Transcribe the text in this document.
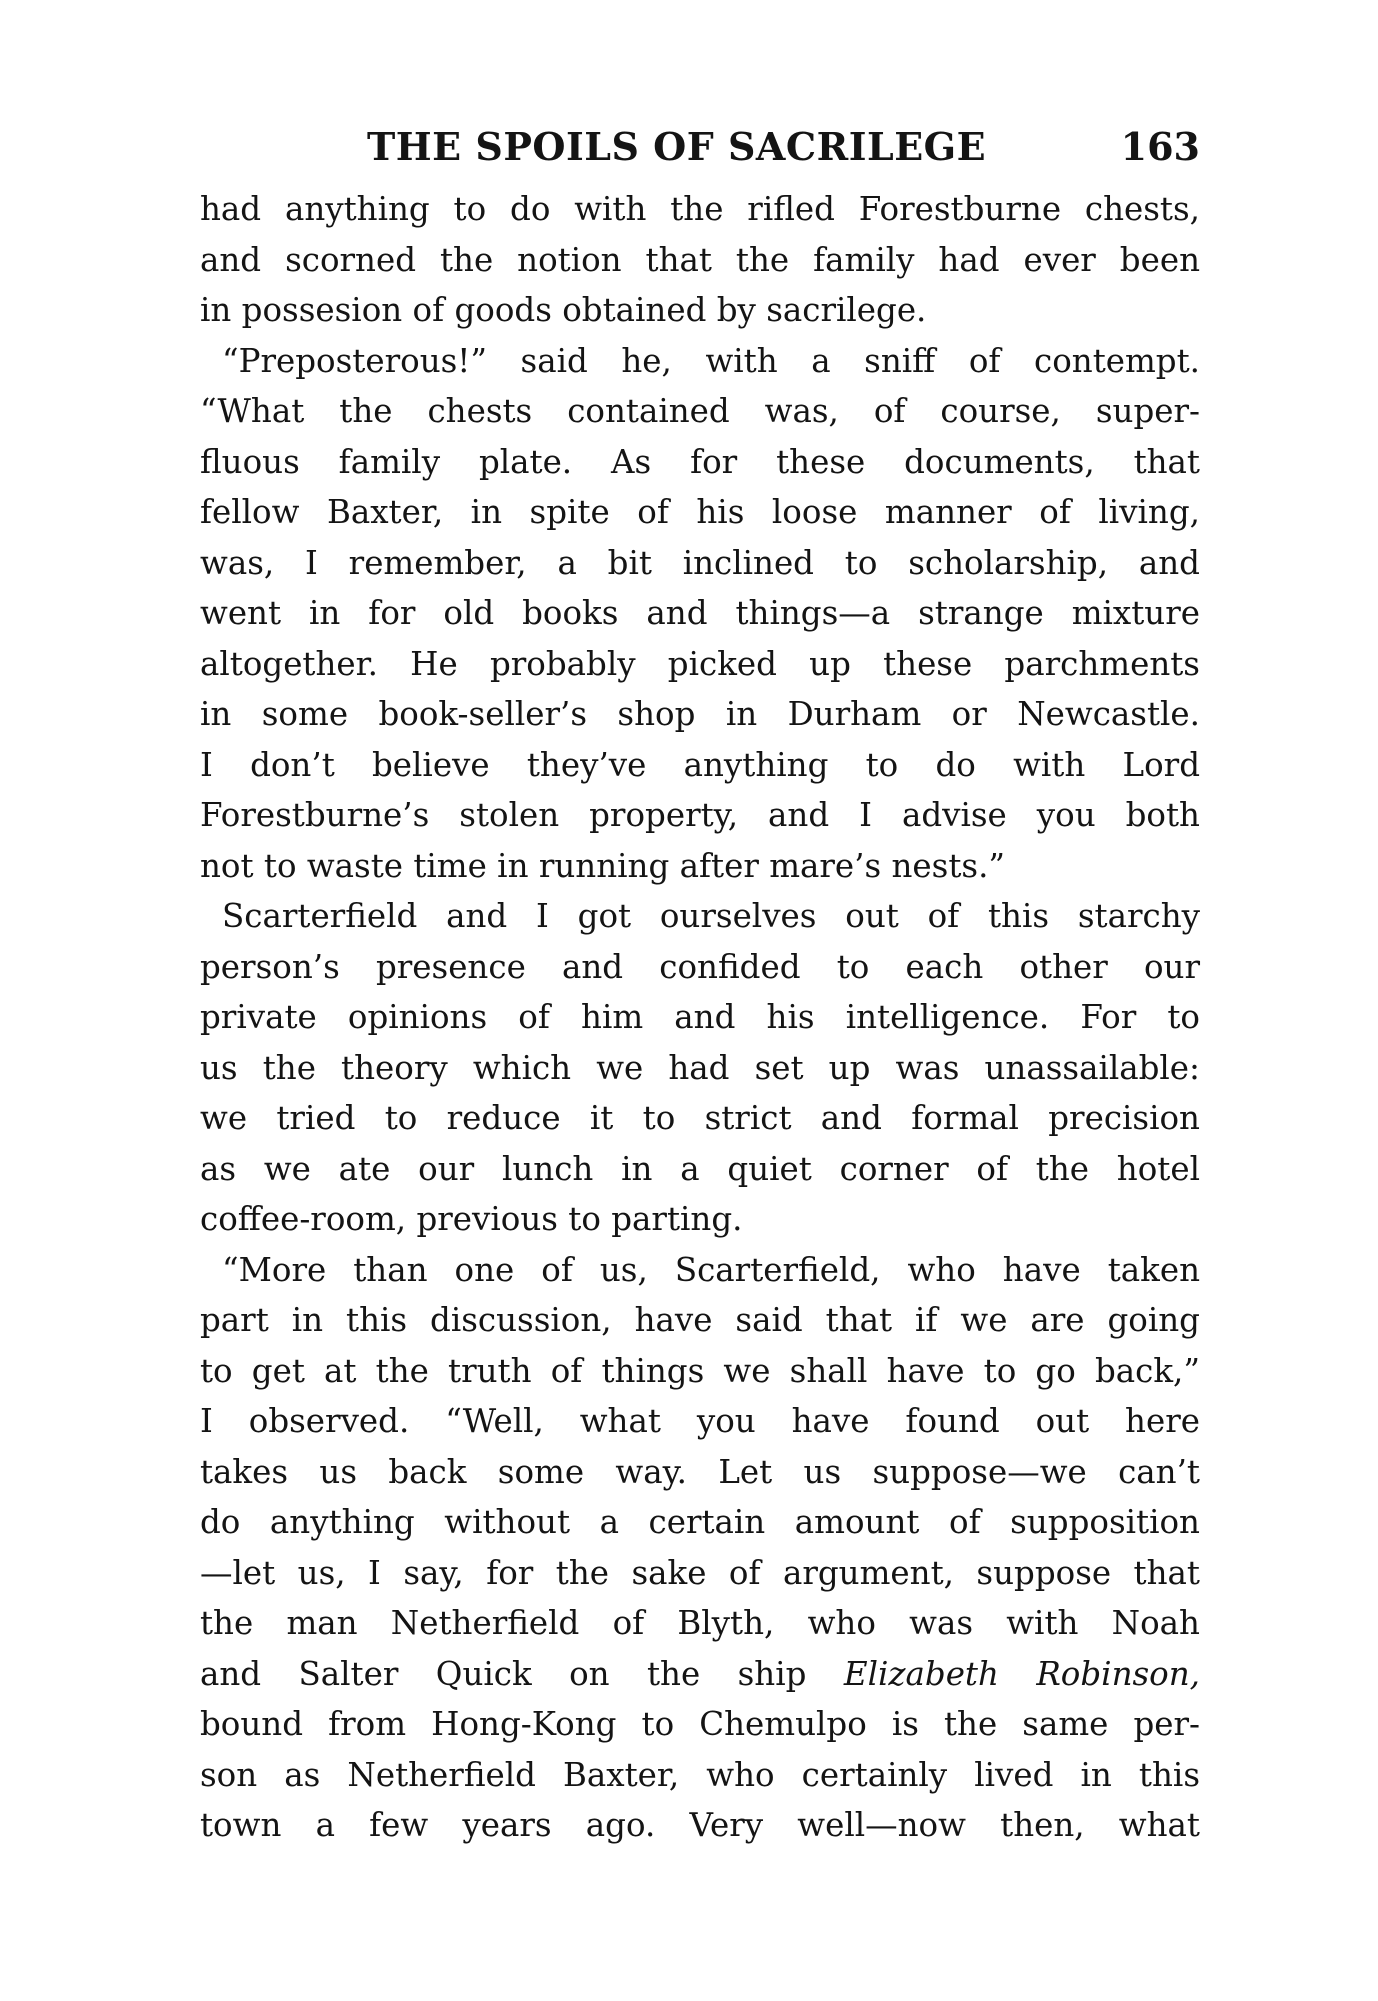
THE SPOILS OF SACRILEGE	163
had anything to do with the rifled Forestburne chests,
and scorned the notion that the family had ever been
in possesion of goods obtained by sacrilege.
“Preposterous!” said he, with a sniff of contempt.
“What the chests contained was, of course, super-
fluous family plate. As for these documents, that
fellow Baxter, in spite of his loose manner of living,
was, I remember, a bit inclined to scholarship, and
went in for old books and things—a strange mixture
altogether. He probably picked up these parchments
in some book-seller’s shop in Durham or Newcastle.
I don’t believe they’ve anything to do with Lord
Forestburne’s stolen property, and I advise you both
not to waste time in running after mare’s nests.”
Scarterfield and I got ourselves out of this starchy
person’s presence and confided to each other our
private opinions of him and his intelligence. For to
us the theory which we had set up was unassailable:
we tried to reduce it to strict and formal precision
as we ate our lunch in a quiet corner of the hotel
coffee-room, previous to parting.
“More than one of us, Scarterfield, who have taken
part in this discussion, have said that if we are going
to get at the truth of things we shall have to go back,”
I observed. “Well, what you have found out here
takes us back some way. Let us suppose—we can’t
do anything without a certain amount of supposition
—let us, I say, for the sake of argument, suppose that
the man Netherfield of Blyth, who was with Noah
and Salter Quick on the ship Elizabeth Robinson,
bound from Hong-Kong to Chemulpo is the same per-
son as Netherfield Baxter, who certainly lived in this
town a few years ago. Very well—now then, what
